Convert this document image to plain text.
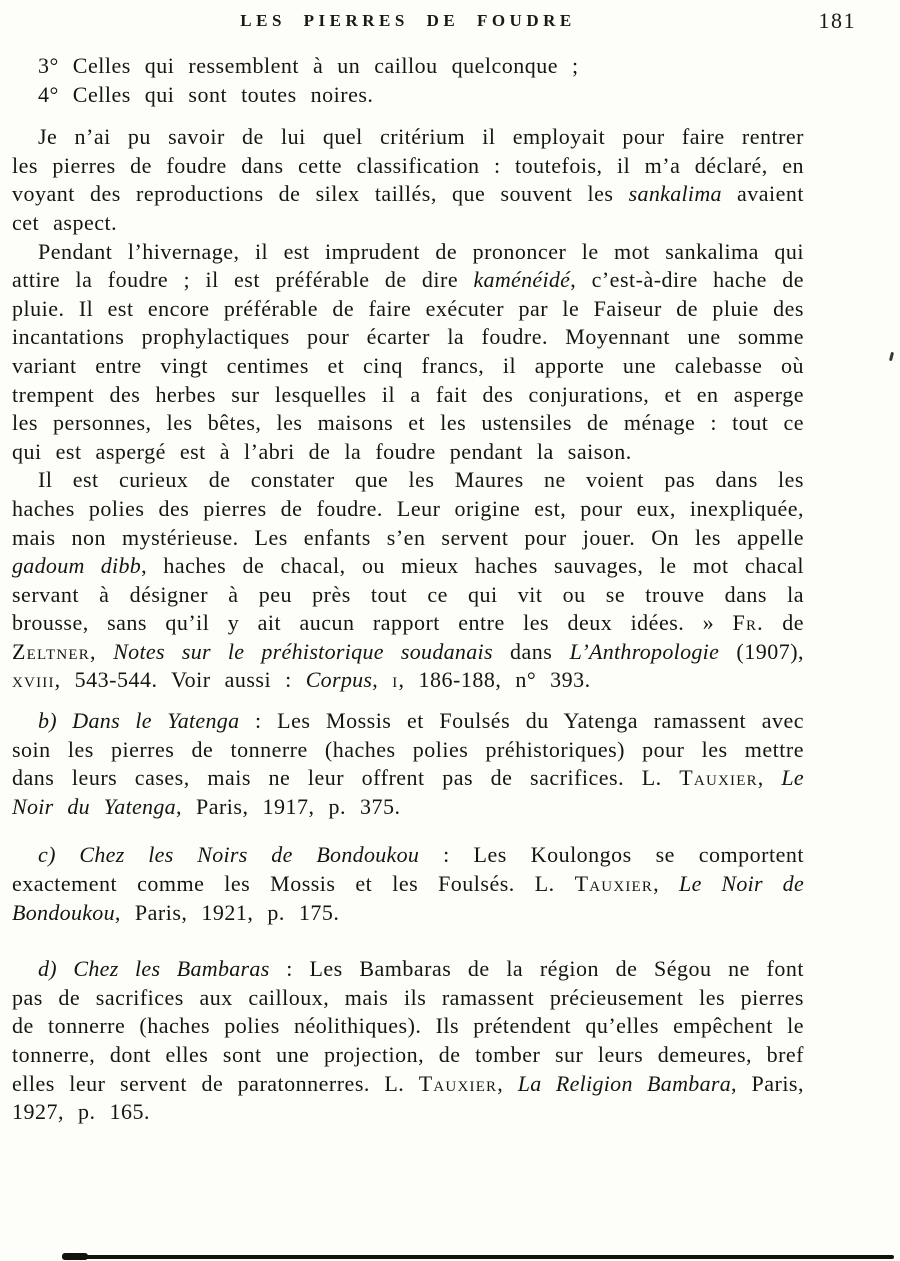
LES PIERRES DE FOUDRE	181

3° Celles qui ressemblent à un caillou quelconque ;

4° Celles qui sont toutes noires.

Je n’ai pu savoir de lui quel critérium il employait pour faire rentrer les pierres de foudre dans cette classification : toutefois, il m’a déclaré, en voyant des reproductions de silex taillés, que souvent les sankalima avaient cet aspect.

Pendant l’hivernage, il est imprudent de prononcer le mot sankalima qui attire la foudre ; il est préférable de dire kaménéidé, c’est-à-dire hache de pluie. Il est encore préférable de faire exécuter par le Faiseur de pluie des incantations prophylactiques pour écarter la foudre. Moyennant une somme variant entre vingt centimes et cinq francs, il apporte une calebasse où trempent des herbes sur lesquelles il a fait des conjurations, et en asperge les personnes, les bêtes, les maisons et les ustensiles de ménage : tout ce qui est aspergé est à l’abri de la foudre pendant la saison.

Il est curieux de constater que les Maures ne voient pas dans les haches polies des pierres de foudre. Leur origine est, pour eux, inexpliquée, mais non mystérieuse. Les enfants s’en servent pour jouer. On les appelle gadoum dibb, haches de chacal, ou mieux haches sauvages, le mot chacal servant à désigner à peu près tout ce qui vit ou se trouve dans la brousse, sans qu’il y ait aucun rapport entre les deux idées. » Fr. de Zeltner, Notes sur le préhistorique soudanais dans L’Anthropologie (1907), xviii, 543-544. Voir aussi : Corpus, i, 186-188, n° 393.

b) Dans le Yatenga : Les Mossis et Foulsés du Yatenga ramassent avec soin les pierres de tonnerre (haches polies préhistoriques) pour les mettre dans leurs cases, mais ne leur offrent pas de sacrifices. L. Tauxier, Le Noir du Yatenga, Paris, 1917, p. 375.

c) Chez les Noirs de Bondoukou : Les Koulongos se comportent exactement comme les Mossis et les Foulsés. L. Tauxier, Le Noir de Bondoukou, Paris, 1921, p. 175.

d) Chez les Bambaras : Les Bambaras de la région de Ségou ne font pas de sacrifices aux cailloux, mais ils ramassent précieusement les pierres de tonnerre (haches polies néolithiques). Ils prétendent qu’elles empêchent le tonnerre, dont elles sont une projection, de tomber sur leurs demeures, bref elles leur servent de paratonnerres. L. Tauxier, La Religion Bambara, Paris, 1927, p. 165.
